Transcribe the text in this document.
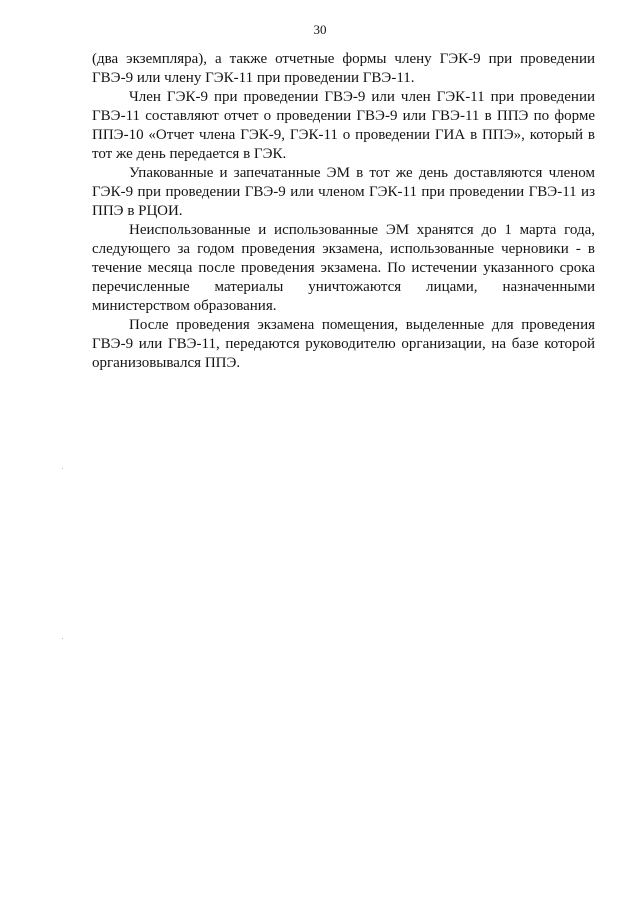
30

(два экземпляра), а также отчетные формы члену ГЭК-9 при проведении ГВЭ-9 или члену ГЭК-11 при проведении ГВЭ-11.

Член ГЭК-9 при проведении ГВЭ-9 или член ГЭК-11 при проведении ГВЭ-11 составляют отчет о проведении ГВЭ-9 или ГВЭ-11 в ППЭ по форме ППЭ-10 «Отчет члена ГЭК-9, ГЭК-11 о проведении ГИА в ППЭ», который в тот же день передается в ГЭК.

Упакованные и запечатанные ЭМ в тот же день доставляются членом ГЭК-9 при проведении ГВЭ-9 или членом ГЭК-11 при проведении ГВЭ-11 из ППЭ в РЦОИ.

Неиспользованные и использованные ЭМ хранятся до 1 марта года, следующего за годом проведения экзамена, использованные черновики - в течение месяца после проведения экзамена. По истечении указанного срока перечисленные материалы уничтожаются лицами, назначенными министерством образования.

После проведения экзамена помещения, выделенные для проведения ГВЭ-9 или ГВЭ-11, передаются руководителю организации, на базе которой организовывался ППЭ.
